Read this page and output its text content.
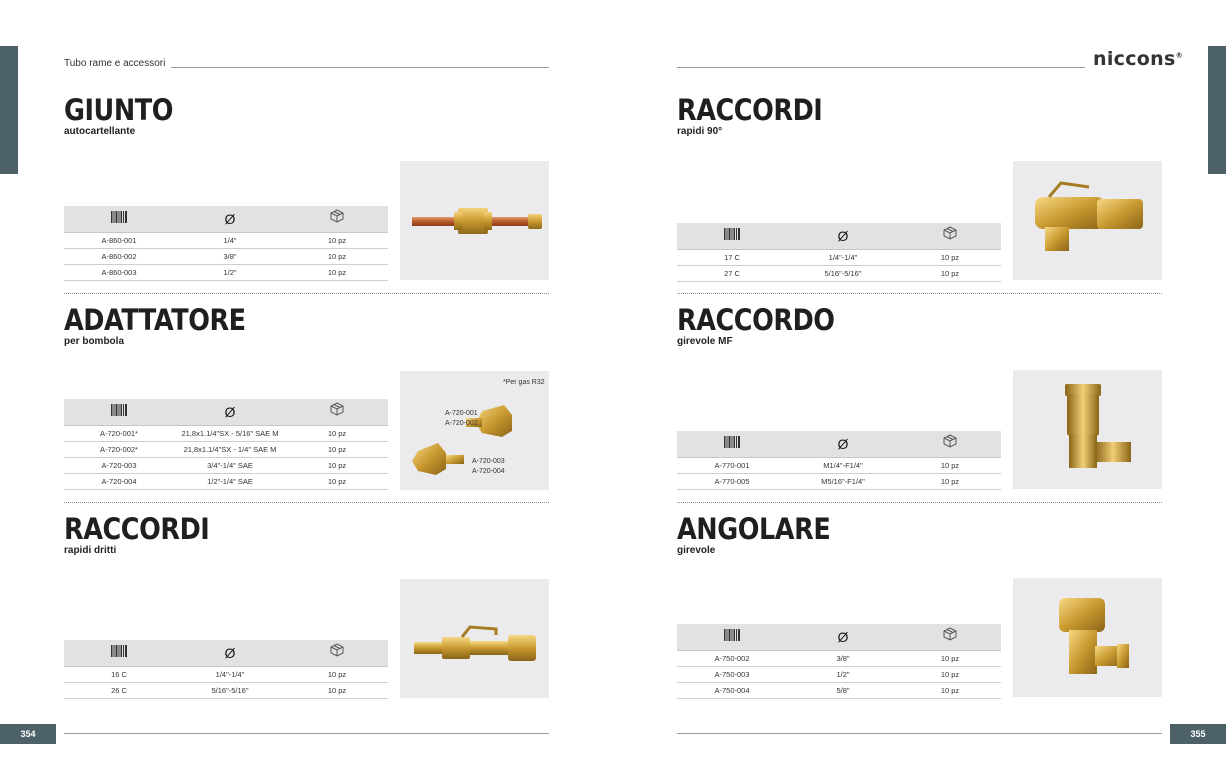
Tubo rame e accessori	niccons®
GIUNTO
autocartellante
	Ø	
A-860-001	1/4"	10 pz
A-860-002	3/8"	10 pz
A-860-003	1/2"	10 pz
ADATTATORE
per bombola
	Ø	
A-720-001*	21,8x1.1/4"SX - 5/16" SAE M	10 pz
A-720-002*	21,8x1.1/4"SX - 1/4" SAE M	10 pz
A-720-003	3/4"-1/4" SAE	10 pz
A-720-004	1/2"-1/4" SAE	10 pz
*Per gas R32
A-720-001
A-720-002
A-720-003
A-720-004
RACCORDI
rapidi dritti
	Ø	
16 C	1/4"-1/4"	10 pz
26 C	5/16"-5/16"	10 pz
RACCORDI
rapidi 90°
	Ø	
17 C	1/4"-1/4"	10 pz
27 C	5/16"-5/16"	10 pz
RACCORDO
girevole MF
	Ø	
A-770-001	M1/4"-F1/4"	10 pz
A-770-005	M5/16"-F1/4"	10 pz
ANGOLARE
girevole
	Ø	
A-750-002	3/8"	10 pz
A-750-003	1/2"	10 pz
A-750-004	5/8"	10 pz
354	355
